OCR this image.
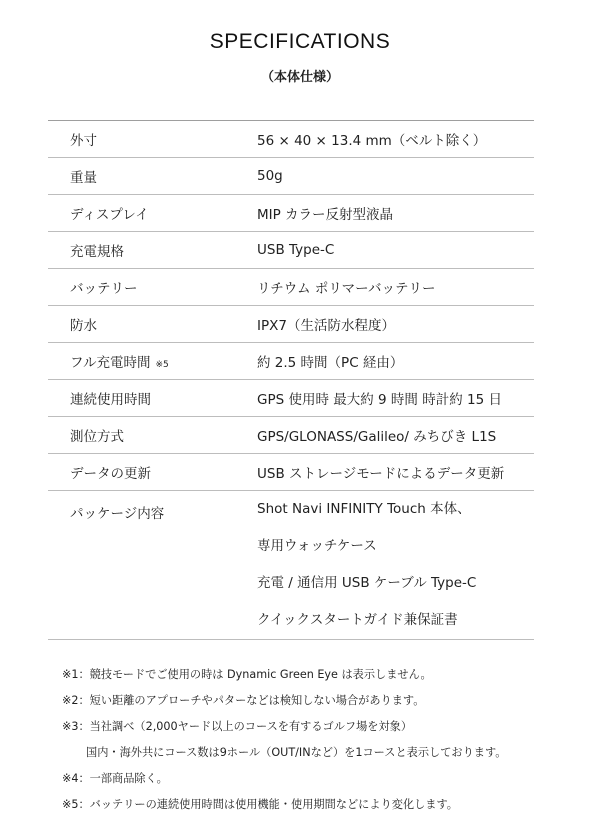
SPECIFICATIONS
（本体仕様）
外寸	56 × 40 × 13.4 mm（ベルト除く）
重量	50g
ディスプレイ	MIP カラー反射型液晶
充電規格	USB Type-C
バッテリー	リチウム ポリマーバッテリー
防水	IPX7（生活防水程度）
フル充電時間 ※5	約 2.5 時間（PC 経由）
連続使用時間	GPS 使用時 最大約 9 時間 時計約 15 日
測位方式	GPS/GLONASS/Galileo/ みちびき L1S
データの更新	USB ストレージモードによるデータ更新
パッケージ内容	Shot Navi INFINITY Touch 本体、
専用ウォッチケース
充電 / 通信用 USB ケーブル Type-C
クイックスタートガイド兼保証書
※1：競技モードでご使用の時は Dynamic Green Eye は表示しません。
※2：短い距離のアプローチやパターなどは検知しない場合があります。
※3：当社調べ（2,000ヤード以上のコースを有するゴルフ場を対象）
国内・海外共にコース数は9ホール（OUT/INなど）を1コースと表示しております。
※4：一部商品除く。
※5：バッテリーの連続使用時間は使用機能・使用期間などにより変化します。
